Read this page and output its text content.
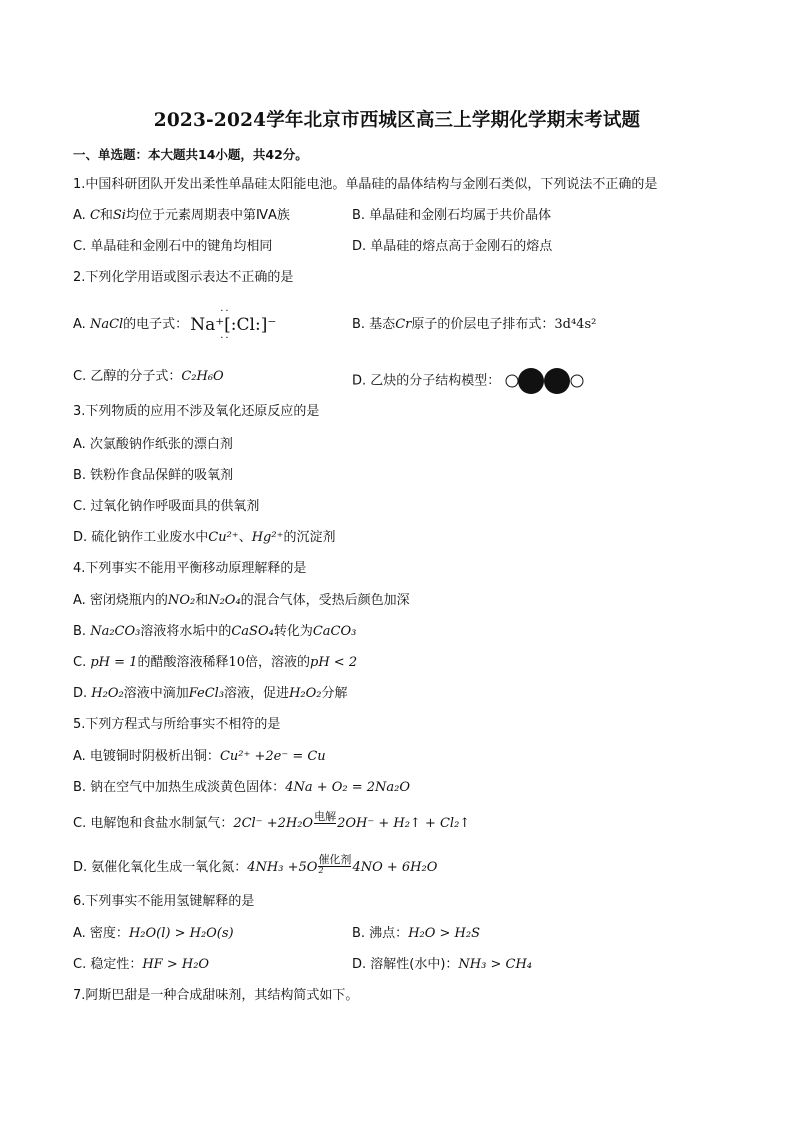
2023-2024学年北京市西城区高三上学期化学期末考试题
一、单选题：本大题共14小题，共42分。
1.中国科研团队开发出柔性单晶硅太阳能电池。单晶硅的晶体结构与金刚石类似，下列说法不正确的是
A. C和Si均位于元素周期表中第ⅣA族	B. 单晶硅和金刚石均属于共价晶体
C. 单晶硅和金刚石中的键角均相同	D. 单晶硅的熔点高于金刚石的熔点
2.下列化学用语或图示表达不正确的是
A. NaCl的电子式： Na⁺[:Cl:]⁻
··
··
B. 基态Cr原子的价层电子排布式：3d⁴4s²
C. 乙醇的分子式：C₂H₆O	D. 乙炔的分子结构模型：
3.下列物质的应用不涉及氧化还原反应的是
A. 次氯酸钠作纸张的漂白剂
B. 铁粉作食品保鲜的吸氧剂
C. 过氧化钠作呼吸面具的供氧剂
D. 硫化钠作工业废水中Cu²⁺、Hg²⁺的沉淀剂
4.下列事实不能用平衡移动原理解释的是
A. 密闭烧瓶内的NO₂和N₂O₄的混合气体，受热后颜色加深
B. Na₂CO₃溶液将水垢中的CaSO₄转化为CaCO₃
C. pH = 1的醋酸溶液稀释10倍，溶液的pH < 2
D. H₂O₂溶液中滴加FeCl₃溶液，促进H₂O₂分解
5.下列方程式与所给事实不相符的是
A. 电镀铜时阴极析出铜：Cu²⁺ +2e⁻ = Cu
B. 钠在空气中加热生成淡黄色固体：4Na + O₂ = 2Na₂O
C. 电解饱和食盐水制氯气：2Cl⁻ +2H₂O 电解 2OH⁻ + H₂↑ + Cl₂↑
D. 氨催化氧化生成一氧化氮：4NH₃ +5O
催化剂
2	4NO + 6H₂O
6.下列事实不能用氢键解释的是
A. 密度：H₂O(l) > H₂O(s)	B. 沸点：H₂O > H₂S
C. 稳定性：HF > H₂O	D. 溶解性(水中)：NH₃ > CH₄
7.阿斯巴甜是一种合成甜味剂，其结构简式如下。
